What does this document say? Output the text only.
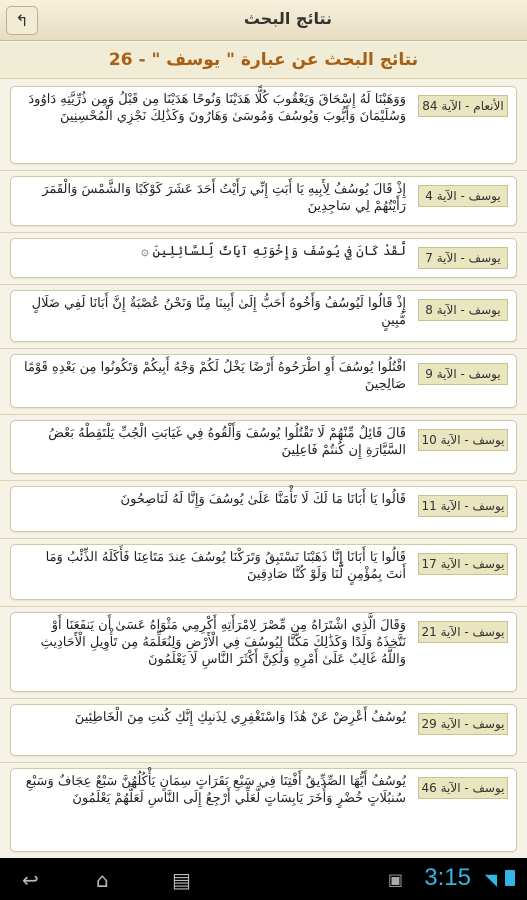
↰	نتائج البحث
نتائج البحث عن عبارة " يوسف " - 26
الأنعام - الآية 84
وَوَهَبْنَا لَهُ إِسْحَاقَ وَيَعْقُوبَ كُلًّا هَدَيْنَا وَنُوحًا هَدَيْنَا مِن قَبْلُ وَمِن ذُرِّيَّتِهِ دَاوُودَ وَسُلَيْمَانَ وَأَيُّوبَ وَيُوسُفَ وَمُوسَىٰ وَهَارُونَ وَكَذَٰلِكَ نَجْزِي الْمُحْسِنِينَ
يوسف - الآية 4
إِذْ قَالَ يُوسُفُ لِأَبِيهِ يَا أَبَتِ إِنِّي رَأَيْتُ أَحَدَ عَشَرَ كَوْكَبًا وَالشَّمْسَ وَالْقَمَرَ رَأَيْتُهُمْ لِي سَاجِدِينَ
يوسف - الآية 7
لَّقَدْ كَانَ فِي يُوسُفَ وَإِخْوَتِهِ آيَاتٌ لِّلسَّائِلِينَ ۞
يوسف - الآية 8
إِذْ قَالُوا لَيُوسُفُ وَأَخُوهُ أَحَبُّ إِلَىٰ أَبِينَا مِنَّا وَنَحْنُ عُصْبَةٌ إِنَّ أَبَانَا لَفِي ضَلَالٍ مُّبِينٍ
يوسف - الآية 9
اقْتُلُوا يُوسُفَ أَوِ اطْرَحُوهُ أَرْضًا يَخْلُ لَكُمْ وَجْهُ أَبِيكُمْ وَتَكُونُوا مِن بَعْدِهِ قَوْمًا صَالِحِينَ
يوسف - الآية 10
قَالَ قَائِلٌ مِّنْهُمْ لَا تَقْتُلُوا يُوسُفَ وَأَلْقُوهُ فِي غَيَابَتِ الْجُبِّ يَلْتَقِطْهُ بَعْضُ السَّيَّارَةِ إِن كُنتُمْ فَاعِلِينَ
يوسف - الآية 11
قَالُوا يَا أَبَانَا مَا لَكَ لَا تَأْمَنَّا عَلَىٰ يُوسُفَ وَإِنَّا لَهُ لَنَاصِحُونَ
يوسف - الآية 17
قَالُوا يَا أَبَانَا إِنَّا ذَهَبْنَا نَسْتَبِقُ وَتَرَكْنَا يُوسُفَ عِندَ مَتَاعِنَا فَأَكَلَهُ الذِّئْبُ وَمَا أَنتَ بِمُؤْمِنٍ لَّنَا وَلَوْ كُنَّا صَادِقِينَ
يوسف - الآية 21
وَقَالَ الَّذِي اشْتَرَاهُ مِن مِّصْرَ لِامْرَأَتِهِ أَكْرِمِي مَثْوَاهُ عَسَىٰ أَن يَنفَعَنَا أَوْ نَتَّخِذَهُ وَلَدًا وَكَذَٰلِكَ مَكَّنَّا لِيُوسُفَ فِي الْأَرْضِ وَلِنُعَلِّمَهُ مِن تَأْوِيلِ الْأَحَادِيثِ وَاللَّهُ غَالِبٌ عَلَىٰ أَمْرِهِ وَلَٰكِنَّ أَكْثَرَ النَّاسِ لَا يَعْلَمُونَ
يوسف - الآية 29
يُوسُفُ أَعْرِضْ عَنْ هَٰذَا وَاسْتَغْفِرِي لِذَنبِكِ إِنَّكِ كُنتِ مِنَ الْخَاطِئِينَ
يوسف - الآية 46
يُوسُفُ أَيُّهَا الصِّدِّيقُ أَفْتِنَا فِي سَبْعِ بَقَرَاتٍ سِمَانٍ يَأْكُلُهُنَّ سَبْعٌ عِجَافٌ وَسَبْعِ سُنبُلَاتٍ خُضْرٍ وَأُخَرَ يَابِسَاتٍ لَّعَلِّي أَرْجِعُ إِلَى النَّاسِ لَعَلَّهُمْ يَعْلَمُونَ
↩	⌂	▤	▣ 3:15 ◥
